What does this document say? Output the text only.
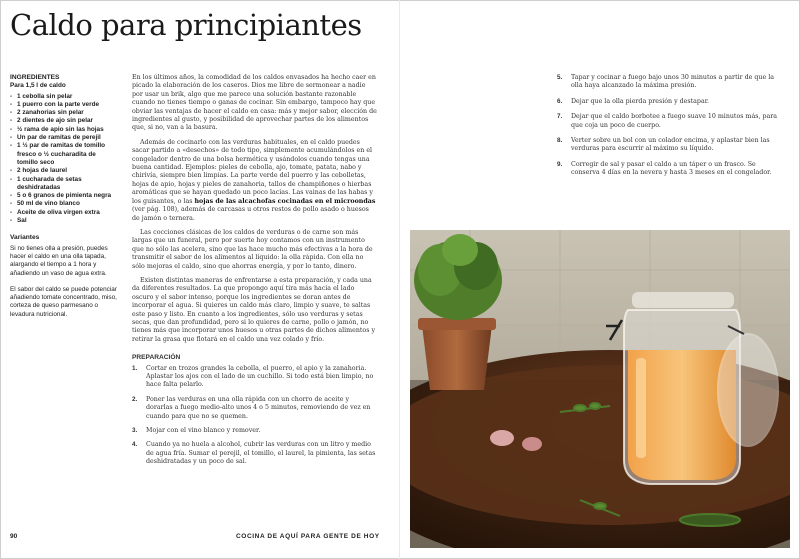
Caldo para principiantes
INGREDIENTES
Para 1,5 l de caldo
- 1 cebolla sin pelar
- 1 puerro con la parte verde
- 2 zanahorias sin pelar
- 2 dientes de ajo sin pelar
- ½ rama de apio sin las hojas
- Un par de ramitas de perejil
- 1 ½ par de ramitas de tomillo fresco o ½ cucharadita de tomillo seco
- 2 hojas de laurel
- 1 cucharada de setas deshidratadas
- 5 o 6 granos de pimienta negra
- 50 ml de vino blanco
- Aceite de oliva virgen extra
- Sal
Variantes

Si no tienes olla a presión, puedes hacer el caldo en una olla tapada, alargando el tiempo a 1 hora y añadiendo un vaso de agua extra.

El sabor del caldo se puede potenciar añadiendo tomate concentrado, miso, corteza de queso parmesano o levadura nutricional.

En los últimos años, la comodidad de los caldos envasados ha hecho caer en picado la elaboración de los caseros. Dios me libre de sermonear a nadie por usar un brik, algo que me parece una solución bastante razonable cuando no tienes tiempo o ganas de cocinar. Sin embargo, tampoco hay que obviar las ventajas de hacer el caldo en casa: más y mejor sabor, elección de ingredientes al gusto, y posibilidad de aprovechar partes de los alimentos que, si no, van a la basura.

Además de cocinarlo con las verduras habituales, en el caldo puedes sacar partido a «desechos» de todo tipo, simplemente acumulándolos en el congelador dentro de una bolsa hermética y usándolos cuando tengas una buena cantidad. Ejemplos: pieles de cebolla, ajo, tomate, patata, nabo y chirivía, siempre bien limpias. La parte verde del puerro y las cebolletas, hojas de apio, hojas y pieles de zanahoria, tallos de champiñones o hierbas aromáticas que se hayan quedado un poco lacias. Las vainas de las habas y los guisantes, o las hojas de las alcachofas cocinadas en el microondas (ver pág. 108), además de carcasas u otros restos de pollo asado o huesos de jamón o ternera.

Las cocciones clásicas de los caldos de verduras o de carne son más largas que un funeral, pero por suerte hoy contamos con un instrumento que no sólo las acelera, sino que las hace mucho más efectivas a la hora de transmitir el sabor de los alimentos al líquido: la olla rápida. Con ella no sólo mejoras el caldo, sino que ahorras energía, y por lo tanto, dinero.

Existen distintas maneras de enfrentarse a esta preparación, y cada una da diferentes resultados. La que propongo aquí tira más hacia el lado oscuro y el sabor intenso, porque los ingredientes se doran antes de incorporar el agua. Si quieres un caldo más claro, limpio y suave, te saltas este paso y listo. En cuanto a los ingredientes, sólo uso verduras y setas secas, que dan profundidad, pero si lo quieres de carne, pollo o jamón, no tienes más que incorporar unos huesos u otras partes de dichos alimentos y retirar la grasa que flotará en el caldo una vez colado y frío.

PREPARACIÓN
1. Cortar en trozos grandes la cebolla, el puerro, el apio y la zanahoria. Aplastar los ajos con el lado de un cuchillo. Si todo está bien limpio, no hace falta pelarlo.
2. Poner las verduras en una olla rápida con un chorro de aceite y dorarlas a fuego medio-alto unos 4 o 5 minutos, removiendo de vez en cuando para que no se quemen.
3. Mojar con el vino blanco y remover.
4. Cuando ya no huela a alcohol, cubrir las verduras con un litro y medio de agua fría. Sumar el perejil, el tomillo, el laurel, la pimienta, las setas deshidratadas y un poco de sal.
5. Tapar y cocinar a fuego bajo unos 30 minutos a partir de que la olla haya alcanzado la máxima presión.
6. Dejar que la olla pierda presión y destapar.
7. Dejar que el caldo borbotee a fuego suave 10 minutos más, para que coja un poco de cuerpo.
8. Verter sobre un bol con un colador encima, y aplastar bien las verduras para escurrir al máximo su líquido.
9. Corregir de sal y pasar el caldo a un táper o un frasco. Se conserva 4 días en la nevera y hasta 3 meses en el congelador.
90	COCINA DE AQUÍ PARA GENTE DE HOY
